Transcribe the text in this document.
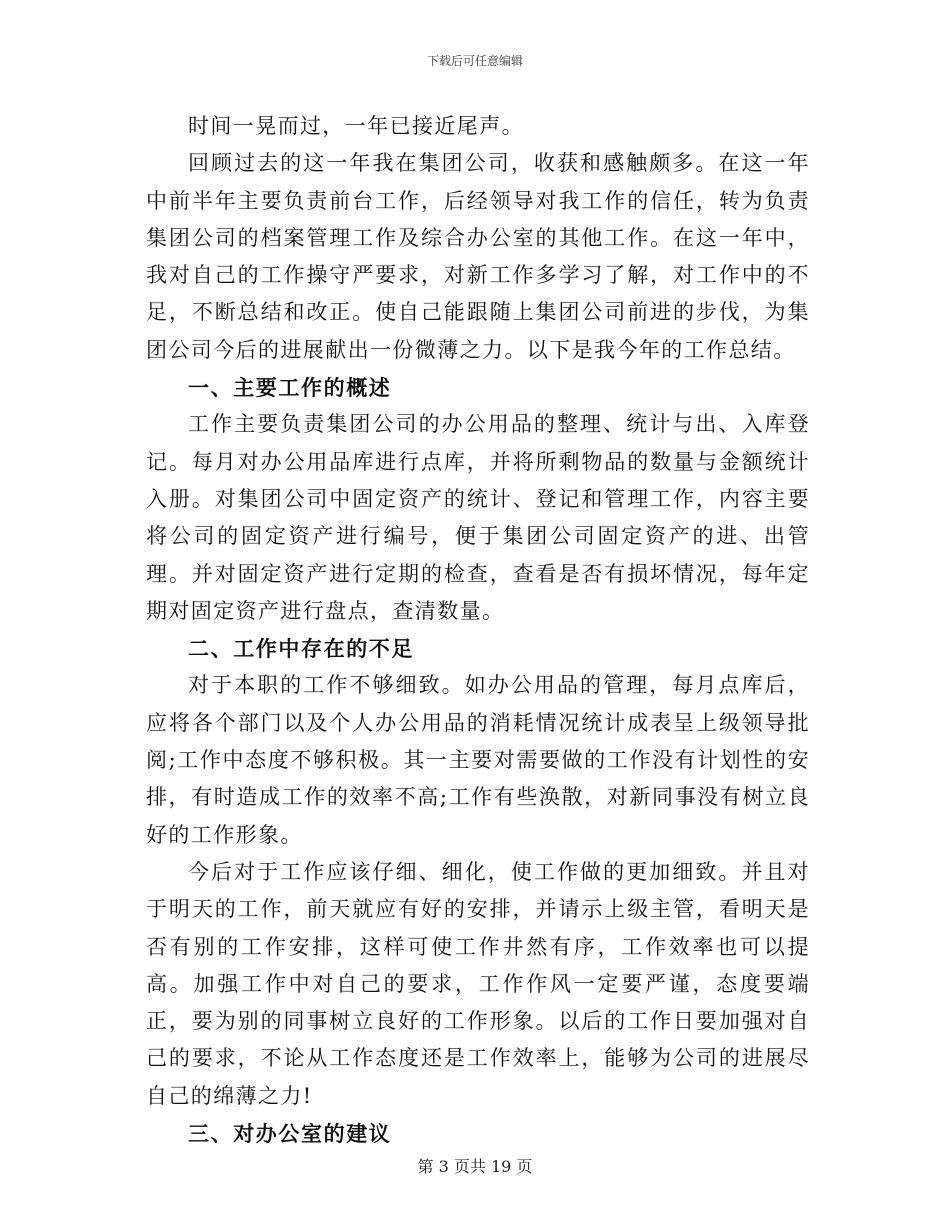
下载后可任意编辑

时间一晃而过，一年已接近尾声。

回顾过去的这一年我在集团公司，收获和感触颇多。在这一年中前半年主要负责前台工作，后经领导对我工作的信任，转为负责集团公司的档案管理工作及综合办公室的其他工作。在这一年中，我对自己的工作操守严要求，对新工作多学习了解，对工作中的不足，不断总结和改正。使自己能跟随上集团公司前进的步伐，为集团公司今后的进展献出一份微薄之力。以下是我今年的工作总结。

一、主要工作的概述

工作主要负责集团公司的办公用品的整理、统计与出、入库登记。每月对办公用品库进行点库，并将所剩物品的数量与金额统计入册。对集团公司中固定资产的统计、登记和管理工作，内容主要将公司的固定资产进行编号，便于集团公司固定资产的进、出管理。并对固定资产进行定期的检查，查看是否有损坏情况，每年定期对固定资产进行盘点，查清数量。

二、工作中存在的不足

对于本职的工作不够细致。如办公用品的管理，每月点库后，应将各个部门以及个人办公用品的消耗情况统计成表呈上级领导批阅;工作中态度不够积极。其一主要对需要做的工作没有计划性的安排，有时造成工作的效率不高;工作有些涣散，对新同事没有树立良好的工作形象。

今后对于工作应该仔细、细化，使工作做的更加细致。并且对于明天的工作，前天就应有好的安排，并请示上级主管，看明天是否有别的工作安排，这样可使工作井然有序，工作效率也可以提高。加强工作中对自己的要求，工作作风一定要严谨，态度要端正，要为别的同事树立良好的工作形象。以后的工作日要加强对自己的要求，不论从工作态度还是工作效率上，能够为公司的进展尽自己的绵薄之力!

三、对办公室的建议

第 3 页共 19 页
